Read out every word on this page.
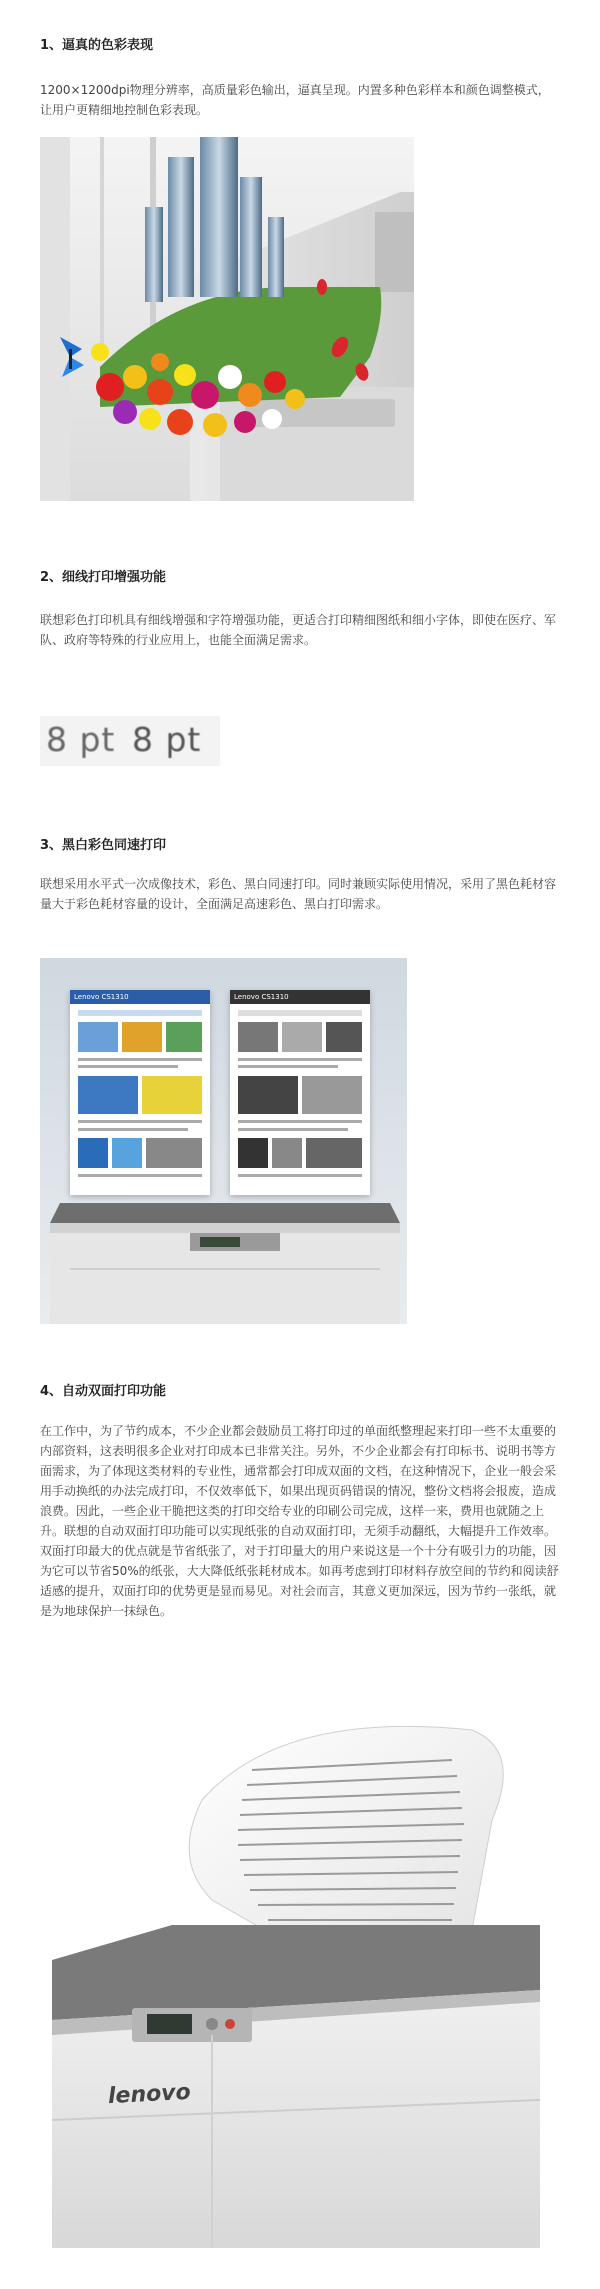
1、逼真的色彩表现

1200×1200dpi物理分辨率，高质量彩色输出，逼真呈现。内置多种色彩样本和颜色调整模式，让用户更精细地控制色彩表现。

2、细线打印增强功能

联想彩色打印机具有细线增强和字符增强功能，更适合打印精细图纸和细小字体，即使在医疗、军队、政府等特殊的行业应用上，也能全面满足需求。

8 pt 8 pt
3、黑白彩色同速打印

联想采用水平式一次成像技术，彩色、黑白同速打印。同时兼顾实际使用情况，采用了黑色耗材容量大于彩色耗材容量的设计，全面满足高速彩色、黑白打印需求。

Lenovo CS1310	Lenovo CS1310
4、自动双面打印功能

在工作中，为了节约成本，不少企业都会鼓励员工将打印过的单面纸整理起来打印一些不太重要的内部资料，这表明很多企业对打印成本已非常关注。另外，不少企业都会有打印标书、说明书等方面需求，为了体现这类材料的专业性，通常都会打印成双面的文档，在这种情况下，企业一般会采用手动换纸的办法完成打印，不仅效率低下，如果出现页码错误的情况，整份文档将会报废，造成浪费。因此，一些企业干脆把这类的打印交给专业的印刷公司完成，这样一来，费用也就随之上升。联想的自动双面打印功能可以实现纸张的自动双面打印，无须手动翻纸，大幅提升工作效率。双面打印最大的优点就是节省纸张了，对于打印量大的用户来说这是一个十分有吸引力的功能，因为它可以节省50%的纸张，大大降低纸张耗材成本。如再考虑到打印材料存放空间的节约和阅读舒适感的提升，双面打印的优势更是显而易见。对社会而言，其意义更加深远，因为节约一张纸，就是为地球保护一抹绿色。

lenovo
